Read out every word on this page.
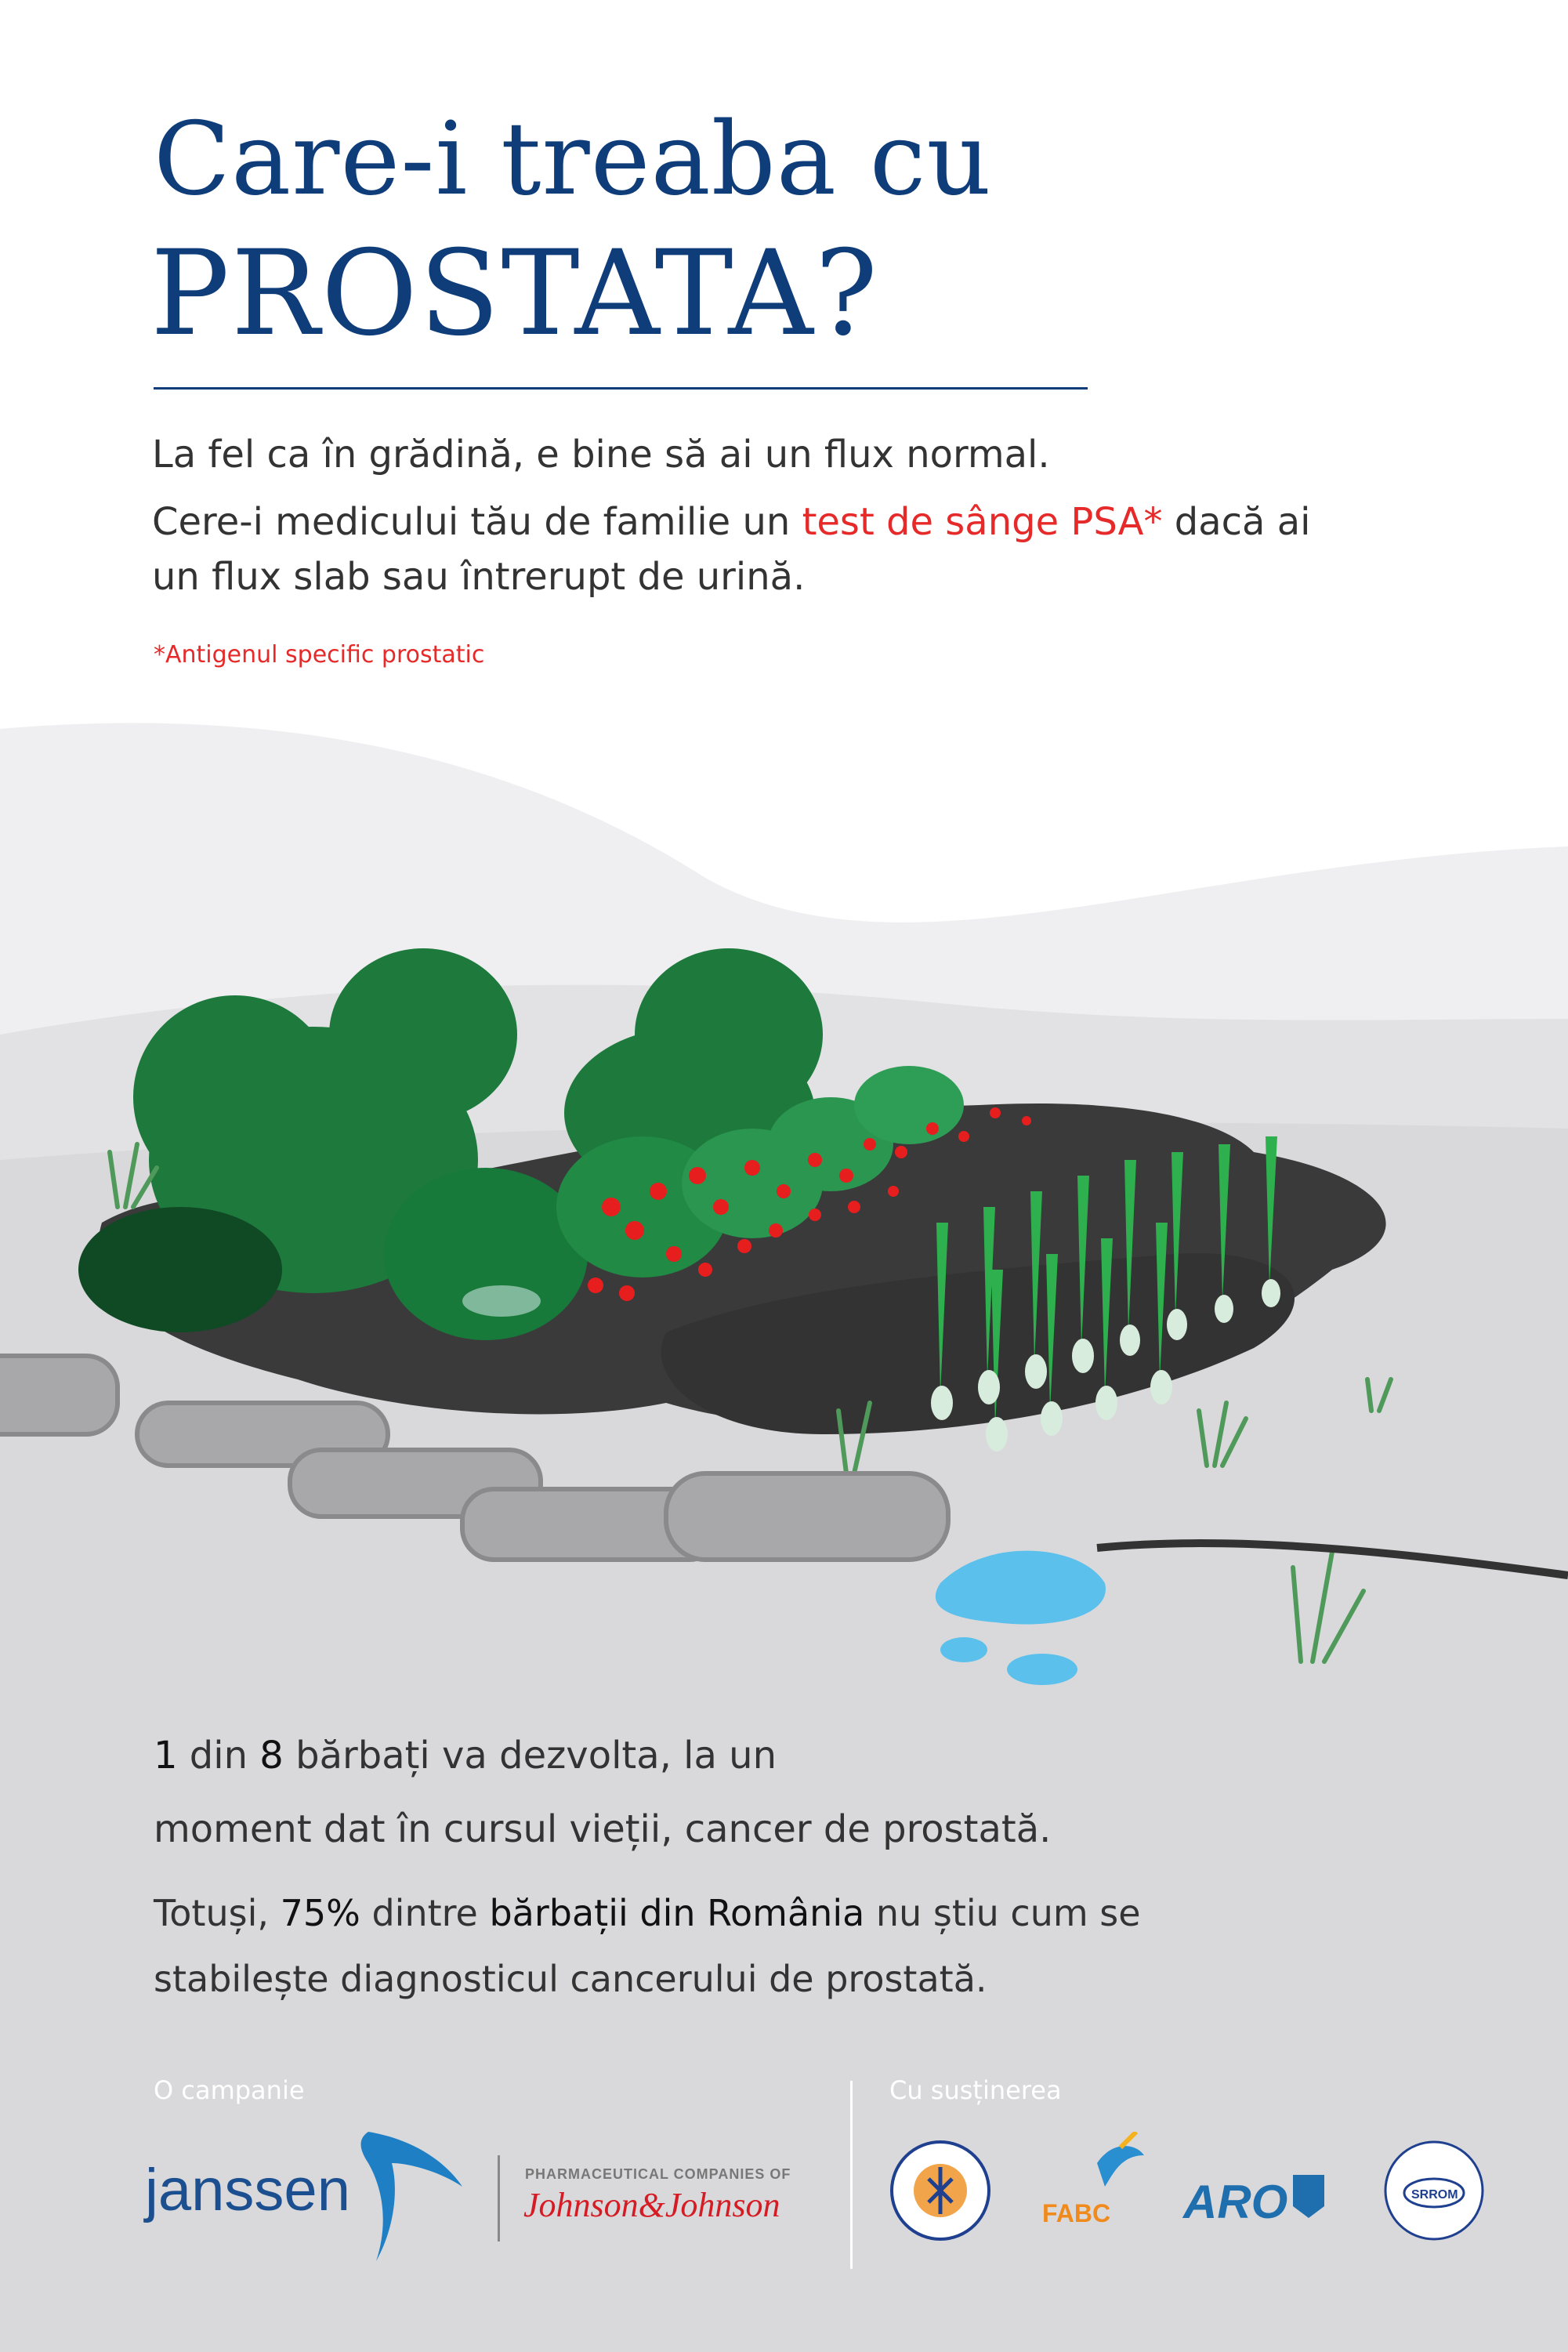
Care-i treaba cu
PROSTATA?
La fel ca în grădină, e bine să ai un flux normal.
Cere-i medicului tău de familie un test de sânge PSA* dacă ai
un flux slab sau întrerupt de urină.
*Antigenul specific prostatic
1 din 8 bărbați va dezvolta, la un
moment dat în cursul vieții, cancer de prostată.
Totuși, 75% dintre bărbații din România nu știu cum se
stabilește diagnosticul cancerului de prostată.
O campanie	Cu susținerea
janssen	PHARMACEUTICAL COMPANIES OF
Johnson&Johnson	FABC ARO	SRROM
